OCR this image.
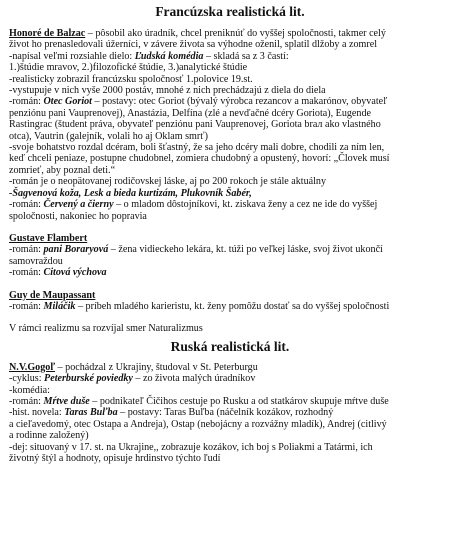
Francúzska realistická lit.
Honoré de Balzac – pôsobil ako úradník, chcel preniknúť do vyššej spoločnosti, takmer celý
život ho prenasledovali úžerníci, v závere života sa výhodne oženil, splatil dlžoby a zomrel
-napísal veľmi rozsiahle dielo: Ľudská komédia – skladá sa z 3 častí:
1.)štúdie mravov, 2.)filozofické štúdie, 3.)analytické štúdie
-realisticky zobrazil francúzsku spoločnosť 1.polovice 19.st.
-vystupuje v nich vyše 2000 postáv, mnohé z nich prechádzajú z diela do diela
-román: Otec Goriot – postavy: otec Goriot (bývalý výrobca rezancov a makarónov, obyvateľ
penziónu pani Vauprenovej), Anastázia, Delfína (zlé a nevďačné dcéry Goriota), Eugende
Rastingrac (študent práva, obyvateľ penziónu pani Vauprenovej, Goriota brал ako vlastného
otca), Vautrin (galejník, volali ho aj Oklam smrť)
-svoje bohatstvo rozdal dcéram, boli šťastný, že sa jeho dcéry mali dobre, chodili za ním len,
keď chceli peniaze, postupne chudobnel, zomiera chudobný a opustený, hovorí: „Človek musí
zomrieť, aby poznal deti.“
-román je o neopätovanej rodičovskej láske, aj po 200 rokoch je stále aktuálny
-Šagvenová koža, Lesk a bieda kurtizám, Plukovník Šabér,
-román: Červený a čierny – o mladom dôstojníkovi, kt. ziskava ženy a cez ne ide do vyššej
spoločnosti, nakoniec ho popravia
Gustave Flambert
-román: pani Boraryová – žena vidieckeho lekára, kt. túži po veľkej láske, svoj život ukončí
samovraždou
-román: Citová výchova
Guy de Maupassant
-román: Miláčik – príbeh mladého karieristu, kt. ženy pomôžu dostať sa do vyššej spoločnosti
V rámci realizmu sa rozvíjal smer Naturalizmus
Ruská realistická lit.
N.V.Gogoľ – pochádzal z Ukrajiny, študoval v St. Peterburgu
-cyklus: Peterburské poviedky – zo života malých úradníkov
-komédia:
-román: Mŕtve duše – podnikateľ Čičihos cestuje po Rusku a od statkárov skupuje mŕtve duše
-hist. novela: Taras Buľba – postavy: Taras Buľba (náčelník kozákov, rozhodný
a cieľavedomý, otec Ostapa a Andreja), Ostap (nebojácny a rozvážny mladík), Andrej (citlivý
a rodinne založený)
-dej: situovaný v 17. st. na Ukrajine,, zobrazuje kozákov, ich boj s Poliakmi a Tatármi, ich
životný štýl a hodnoty, opisuje hrdinstvo týchto ľudí
